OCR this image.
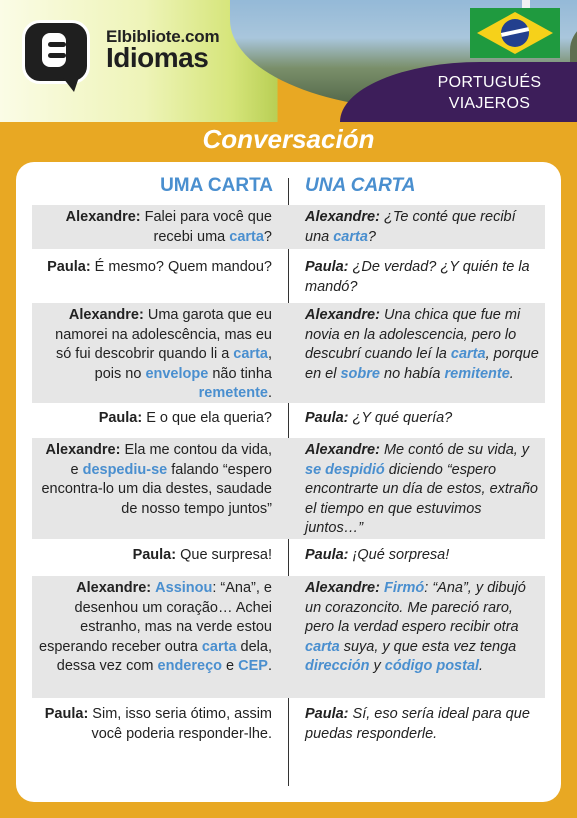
PORTUGUÉS
VIAJEROS
Elbibliote.com
Idiomas
Conversación
UMA CARTA UNA CARTA
Alexandre: Falei para você que recebi uma carta?
Alexandre: ¿Te conté que recibí una carta?
Paula: É mesmo? Quem mandou? Paula: ¿De verdad? ¿Y quién te la mandó?
Alexandre: Uma garota que eu namorei na adolescência, mas eu só fui descobrir quando li a carta, pois no envelope não tinha remetente.
Alexandre: Una chica que fue mi novia en la adolescencia, pero lo descubrí cuando leí la carta, porque en el sobre no había remitente.
Paula: E o que ela queria? Paula: ¿Y qué quería?
Alexandre: Ela me contou da vida, e despediu-se falando “espero encontra-lo um dia destes, saudade de nosso tempo juntos”
Alexandre: Me contó de su vida, y se despidió diciendo “espero encontrarte un día de estos, extraño el tiempo en que estuvimos juntos…”
Paula: Que surpresa! Paula: ¡Qué sorpresa!
Alexandre: Assinou: “Ana”, e desenhou um coração… Achei estranho, mas na verde estou esperando receber outra carta dela, dessa vez com endereço e CEP.
Alexandre: Firmó: “Ana”, y dibujó un corazoncito. Me pareció raro, pero la verdad espero recibir otra carta suya, y que esta vez tenga dirección y código postal.
Paula: Sim, isso seria ótimo, assim você poderia responder-lhe.
Paula: Sí, eso sería ideal para que puedas responderle.
